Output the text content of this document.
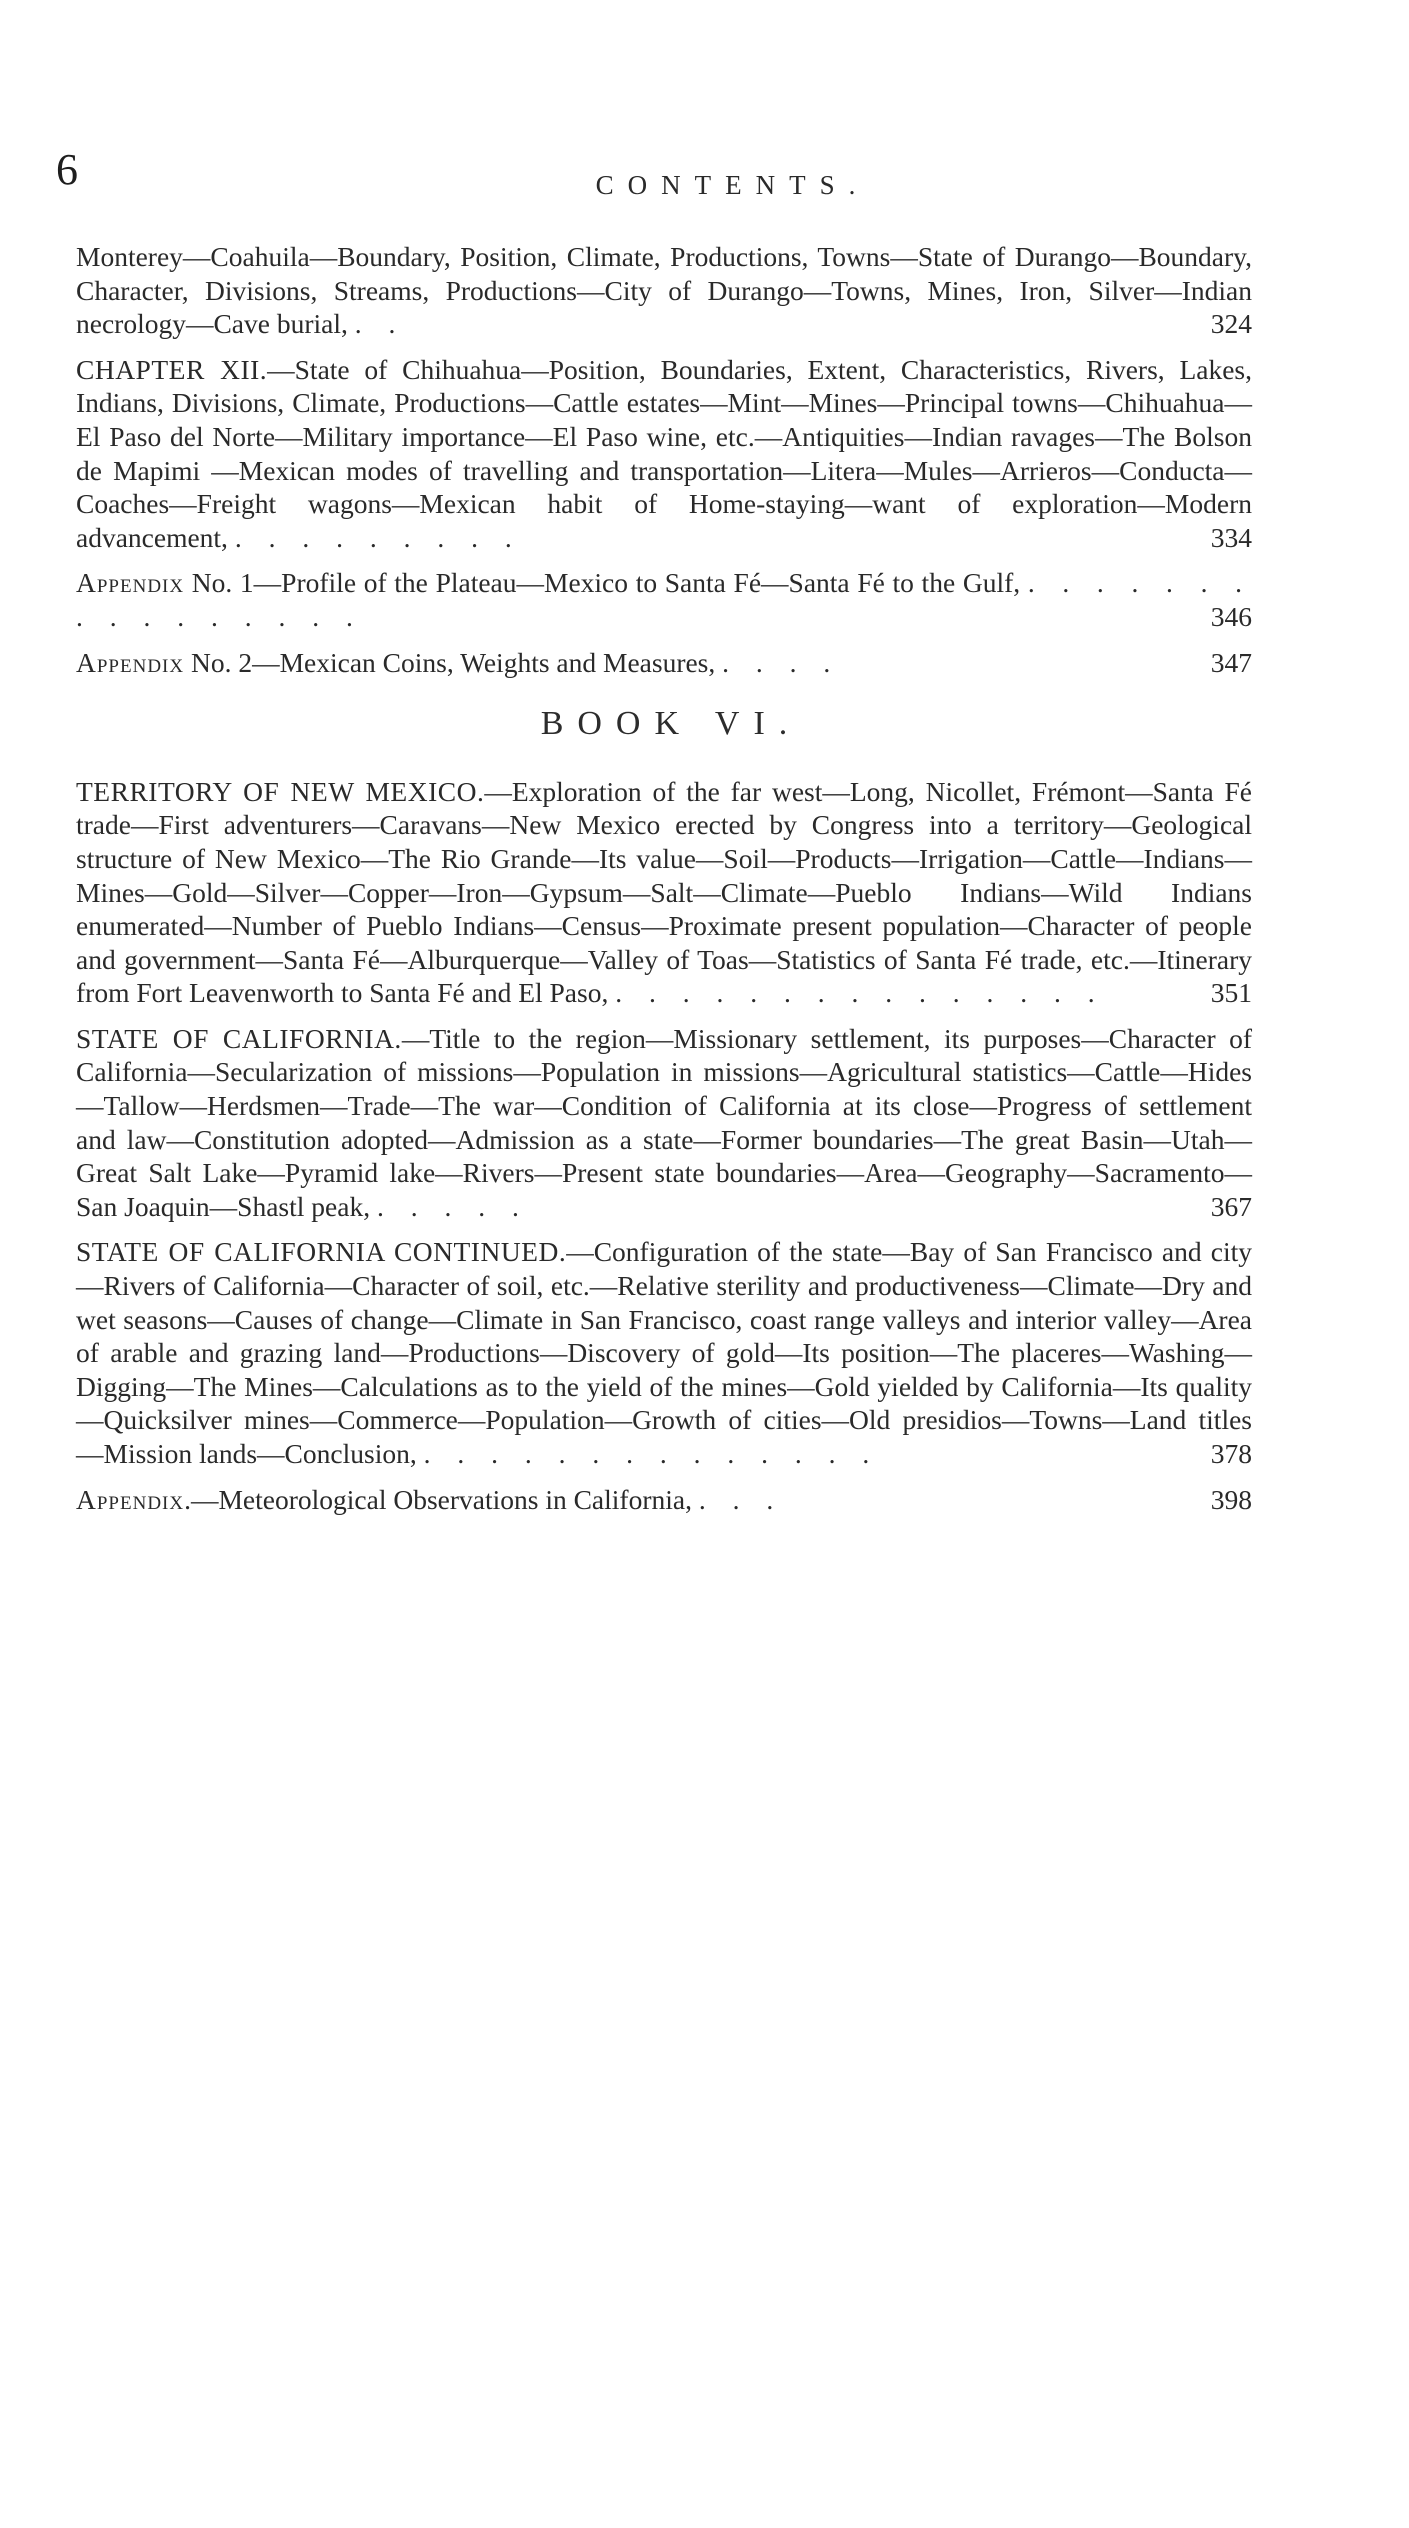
6	CONTENTS.

Monterey—Coahuila—Boundary, Position, Climate, Productions, Towns—State of Durango—Boundary, Character, Divisions, Streams, Productions—City of Durango—Towns, Mines, Iron, Silver—Indian necrology—Cave burial, . .	324

CHAPTER XII.—State of Chihuahua—Position, Boundaries, Extent, Characteristics, Rivers, Lakes, Indians, Divisions, Climate, Productions—Cattle estates—Mint—Mines—Principal towns—Chihuahua—El Paso del Norte—Military importance—El Paso wine, etc.—Antiquities—Indian ravages—The Bolson de Mapimi —Mexican modes of travelling and transportation—Litera—Mules—Arrieros—Conducta—Coaches—Freight wagons—Mexican habit of Home-staying—want of exploration—Modern advancement, . . . . . . . . .	334

Appendix No. 1—Profile of the Plateau—Mexico to Santa Fé—Santa Fé to the Gulf, . . . . . . . . . . . . . . . .	346

Appendix No. 2—Mexican Coins, Weights and Measures, . . . .	347

BOOK VI.

TERRITORY OF NEW MEXICO.—Exploration of the far west—Long, Nicollet, Frémont—Santa Fé trade—First adventurers—Caravans—New Mexico erected by Congress into a territory—Geological structure of New Mexico—The Rio Grande—Its value—Soil—Products—Irrigation—Cattle—Indians—Mines—Gold—Silver—Copper—Iron—Gypsum—Salt—Climate—Pueblo Indians—Wild Indians enumerated—Number of Pueblo Indians—Census—Proximate present population—Character of people and government—Santa Fé—Alburquerque—Valley of Toas—Statistics of Santa Fé trade, etc.—Itinerary from Fort Leavenworth to Santa Fé and El Paso, . . . . . . . . . . . . . . .	351

STATE OF CALIFORNIA.—Title to the region—Missionary settlement, its purposes—Character of California—Secularization of missions—Population in missions—Agricultural statistics—Cattle—Hides—Tallow—Herdsmen—Trade—The war—Condition of California at its close—Progress of settlement and law—Constitution adopted—Admission as a state—Former boundaries—The great Basin—Utah—Great Salt Lake—Pyramid lake—Rivers—Present state boundaries—Area—Geography—Sacramento—San Joaquin—Shastl peak, . . . . .	367

STATE OF CALIFORNIA CONTINUED.—Configuration of the state—Bay of San Francisco and city—Rivers of California—Character of soil, etc.—Relative sterility and productiveness—Climate—Dry and wet seasons—Causes of change—Climate in San Francisco, coast range valleys and interior valley—Area of arable and grazing land—Productions—Discovery of gold—Its position—The placeres—Washing—Digging—The Mines—Calculations as to the yield of the mines—Gold yielded by California—Its quality—Quicksilver mines—Commerce—Population—Growth of cities—Old presidios—Towns—Land titles—Mission lands—Conclusion, . . . . . . . . . . . . . .	378

Appendix.—Meteorological Observations in California, . . .	398
